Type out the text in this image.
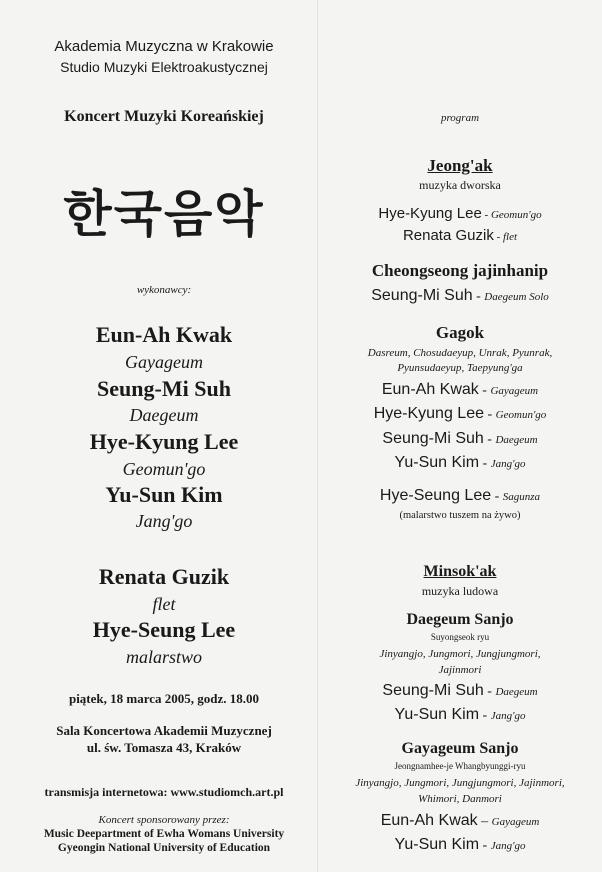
Akademia Muzyczna w Krakowie
Studio Muzyki Elektroakustycznej
Koncert Muzyki Koreańskiej
한국음악
wykonawcy:
Eun-Ah Kwak
Gayageum
Seung-Mi Suh
Daegeum
Hye-Kyung Lee
Geomun'go
Yu-Sun Kim
Jang'go
Renata Guzik
flet
Hye-Seung Lee
malarstwo
piątek, 18 marca 2005, godz. 18.00
Sala Koncertowa Akademii Muzycznej
ul. św. Tomasza 43, Kraków
transmisja internetowa: www.studiomch.art.pl
Koncert sponsorowany przez:
Music Deepartment of Ewha Womans University
Gyeongin National University of Education
program
Jeong'ak
muzyka dworska
Hye-Kyung Lee - Geomun'go
Renata Guzik - flet
Cheongseong jajinhanip
Seung-Mi Suh - Daegeum Solo
Gagok
Dasreum, Chosudaeyup, Unrak, Pyunrak,
Pyunsudaeyup, Taepyung'ga
Eun-Ah Kwak - Gayageum
Hye-Kyung Lee - Geomun'go
Seung-Mi Suh - Daegeum
Yu-Sun Kim - Jang'go
Hye-Seung Lee - Sagunza
(malarstwo tuszem na żywo)
Minsok'ak
muzyka ludowa
Daegeum Sanjo
Suyongseok ryu
Jinyangjo, Jungmori, Jungjungmori,
Jajinmori
Seung-Mi Suh - Daegeum
Yu-Sun Kim - Jang'go
Gayageum Sanjo
Jeongnamhee-je Whangbyunggi-ryu
Jinyangjo, Jungmori, Jungjungmori, Jajinmori,
Whimori, Danmori
Eun-Ah Kwak – Gayageum
Yu-Sun Kim - Jang'go
